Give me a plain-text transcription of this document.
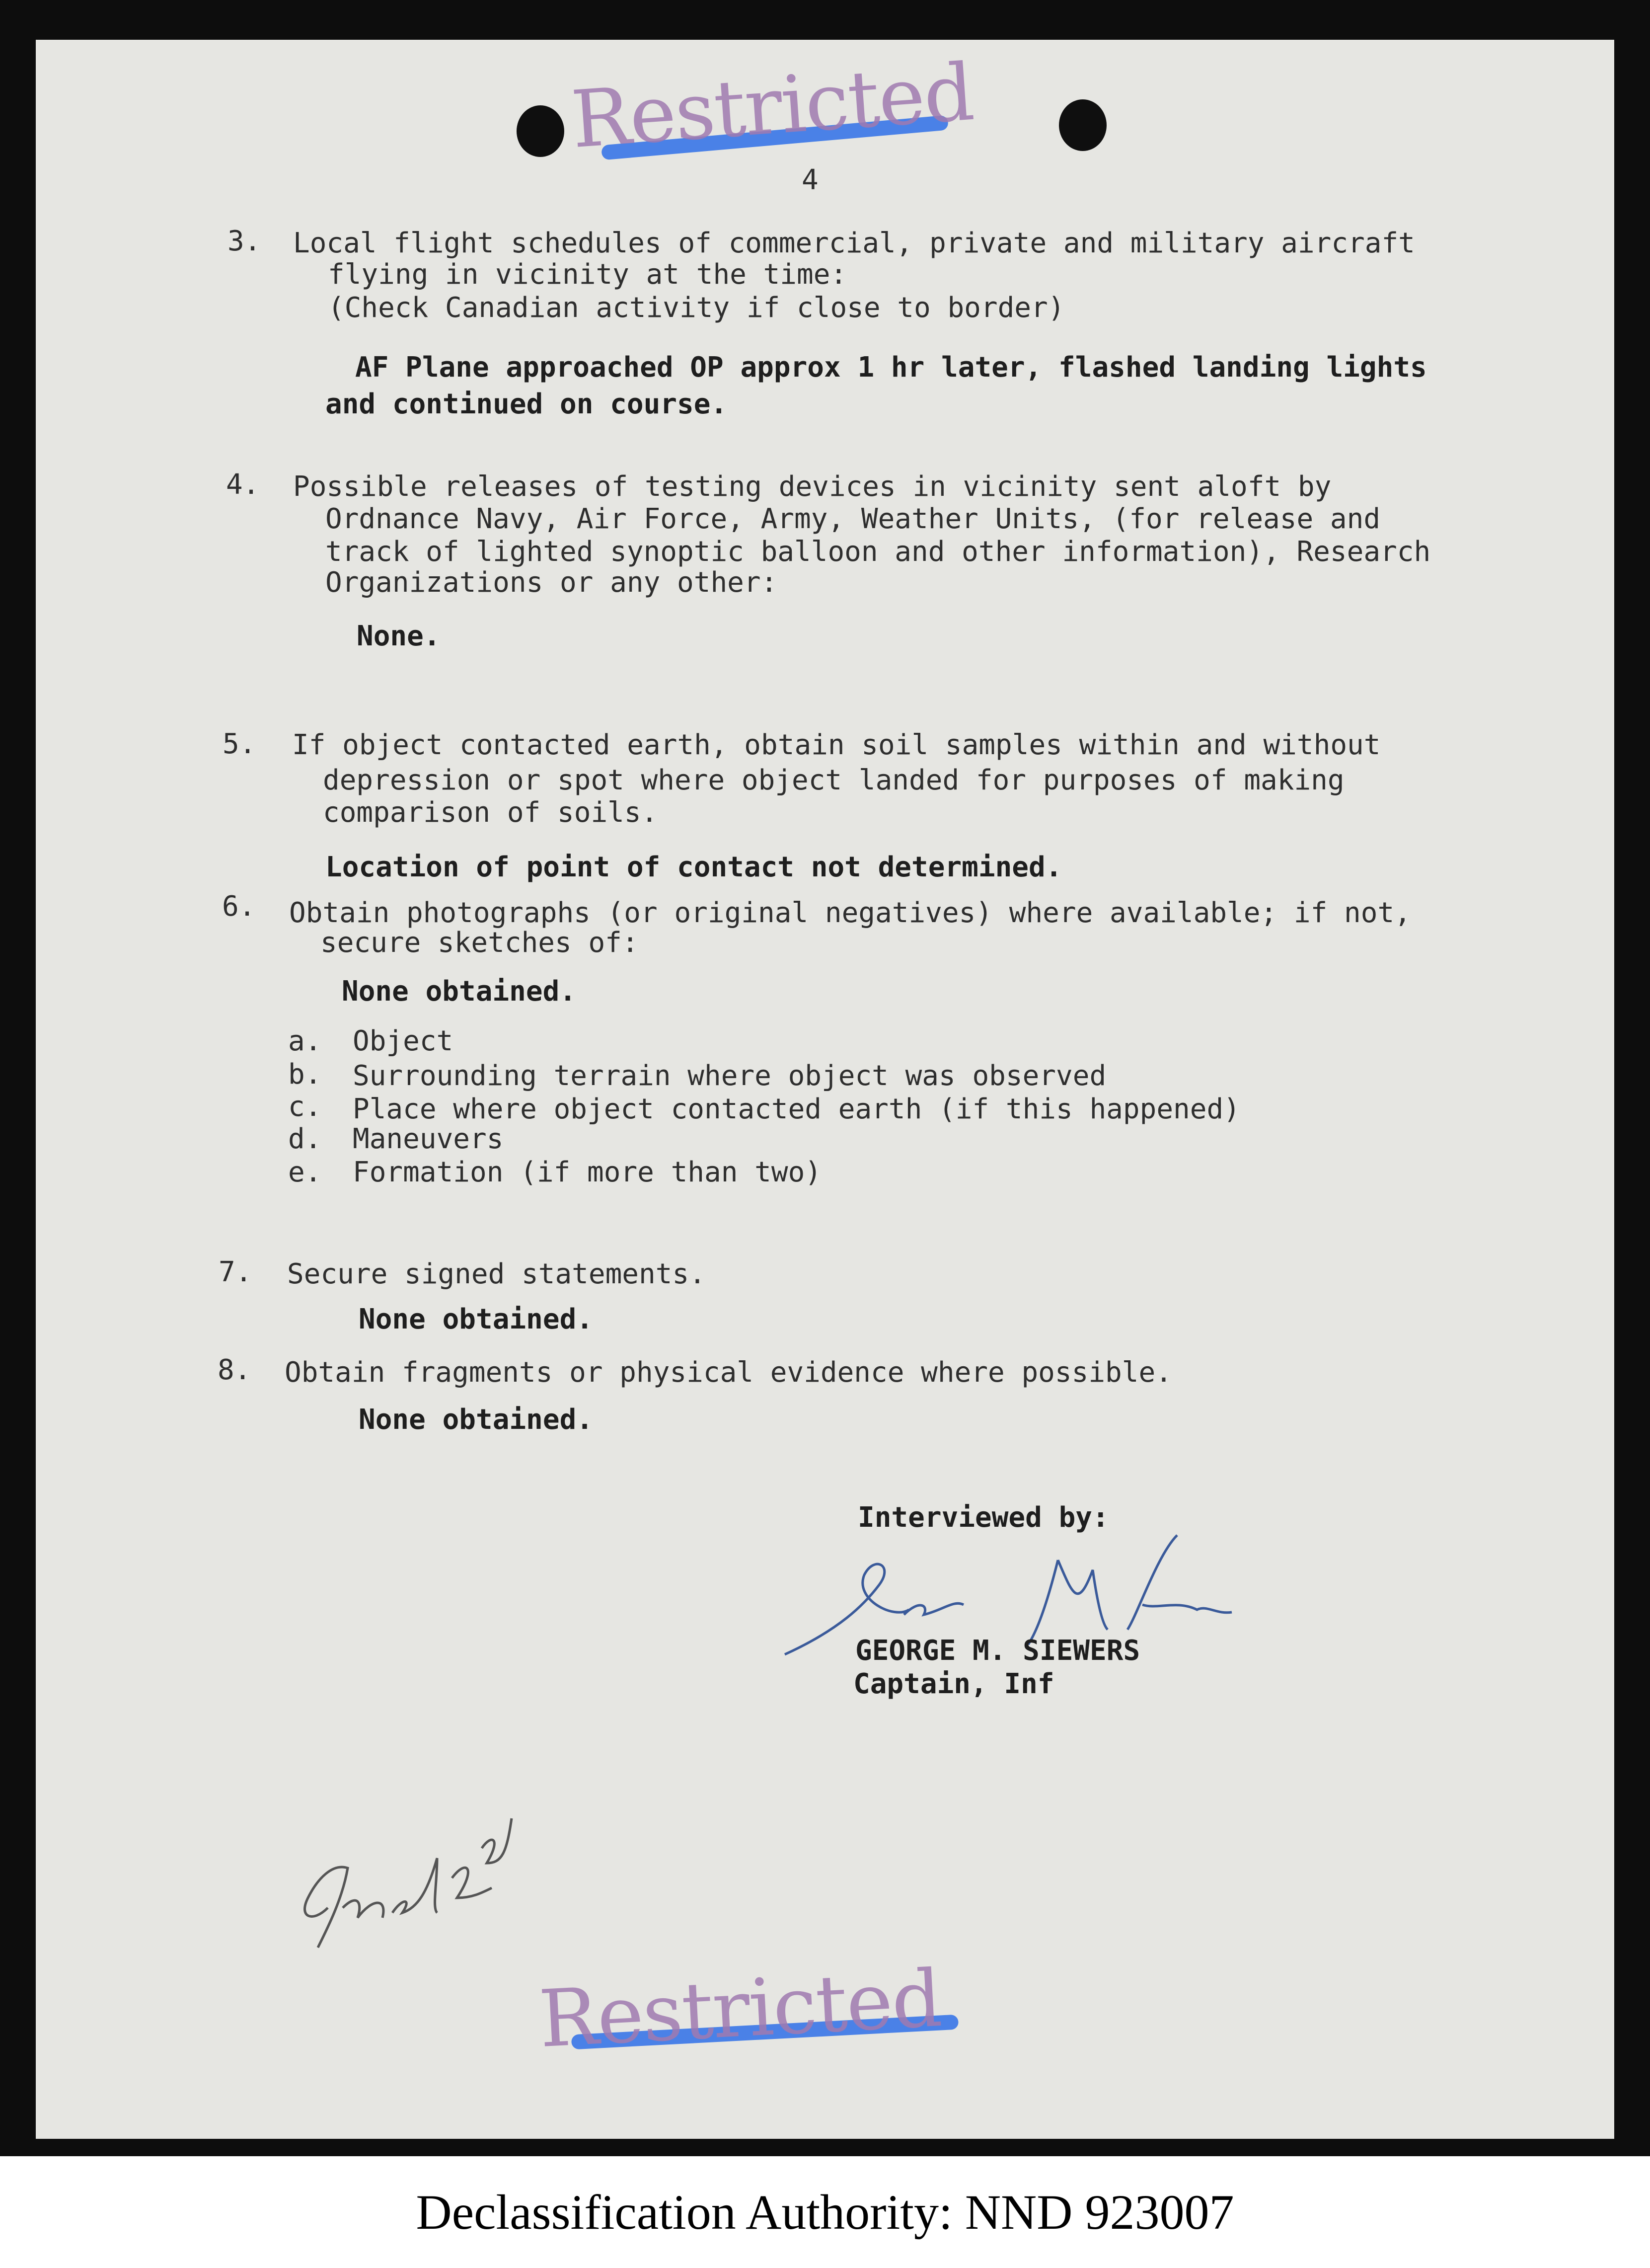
Restricted
4
3. Local flight schedules of commercial, private and military aircraft
flying in vicinity at the time:
(Check Canadian activity if close to border)
AF Plane approached OP approx 1 hr later, flashed landing lights
and continued on course.
4. Possible releases of testing devices in vicinity sent aloft by
Ordnance Navy, Air Force, Army, Weather Units, (for release and
track of lighted synoptic balloon and other information), Research
Organizations or any other:
None.
5. If object contacted earth, obtain soil samples within and without
depression or spot where object landed for purposes of making
comparison of soils.
Location of point of contact not determined.
6. Obtain photographs (or original negatives) where available; if not,
secure sketches of:
None obtained.
a. Object
b. Surrounding terrain where object was observed
c. Place where object contacted earth (if this happened)
d. Maneuvers
e. Formation (if more than two)
7. Secure signed statements.
None obtained.
8. Obtain fragments or physical evidence where possible.
None obtained.
Interviewed by:
GEORGE M. SIEWERS
Captain, Inf
Restricted
Declassification Authority: NND 923007
